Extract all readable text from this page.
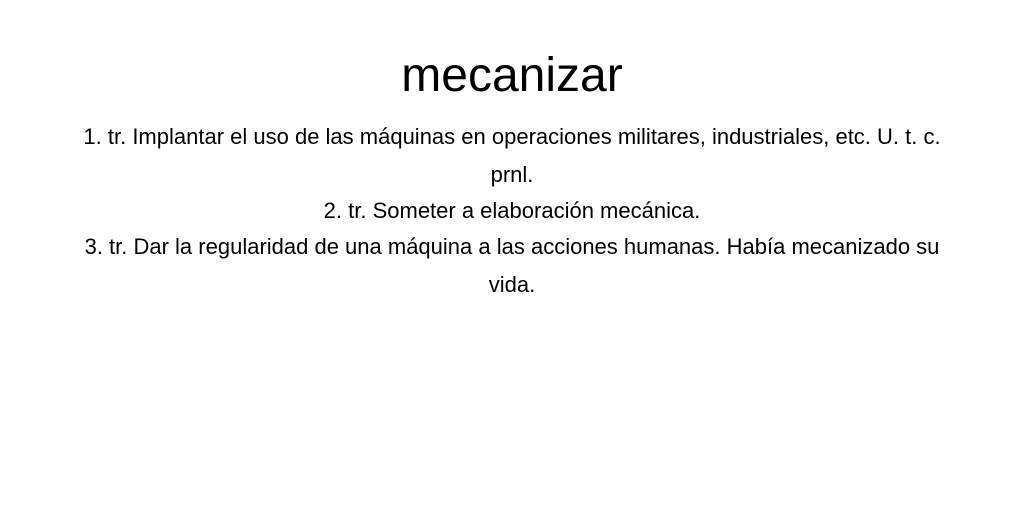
mecanizar

1. tr. Implantar el uso de las máquinas en operaciones militares, industriales, etc. U. t. c. prnl.

2. tr. Someter a elaboración mecánica.

3. tr. Dar la regularidad de una máquina a las acciones humanas. Había mecanizado su vida.
